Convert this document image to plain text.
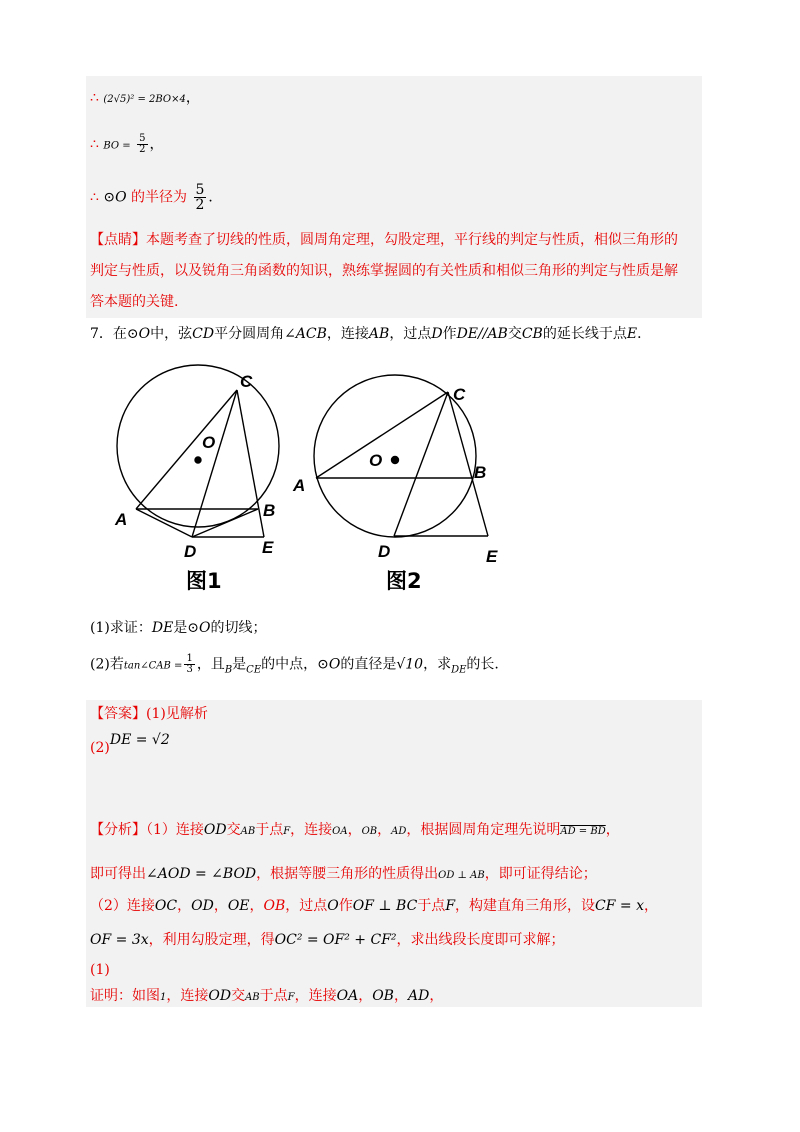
∴ (2√5)² = 2BO×4，
∴ BO = $\frac{5}{2}$ ，
∴ ⊙O 的半径为 $\frac{5}{2}$ ．
【点睛】本题考查了切线的性质，圆周角定理，勾股定理，平行线的判定与性质，相似三角形的
判定与性质，以及锐角三角函数的知识，熟练掌握圆的有关性质和相似三角形的判定与性质是解
答本题的关键.
7．在⊙O中，弦CD平分圆周角∠ACB，连接AB，过点D作DE//AB交CB的延长线于点E．
C
O
A	B
D	E
C
O
A
B
D	E
图1	图2
(1)求证：DE是⊙O的切线；
(2)若tan∠CAB = $\frac{1}{3}$ ，且$_B$是$_{CE}$的中点，⊙O的直径是√10，求$_{DE}$的长.
【答案】(1)见解析
(2)DE = √2
【分析】（1）连接OD交AB于点F，连接OA，OB，AD，根据圆周角定理先说明AD = BD，
即可得出∠AOD = ∠BOD，根据等腰三角形的性质得出OD ⊥ AB，即可证得结论；
（2）连接OC，OD，OE，OB，过点O作OF ⊥ BC于点F，构建直角三角形，设CF = x，
OF = 3x，利用勾股定理，得OC² = OF² + CF²，求出线段长度即可求解；
(1)
证明：如图1，连接OD交AB于点F，连接OA，OB，AD，
